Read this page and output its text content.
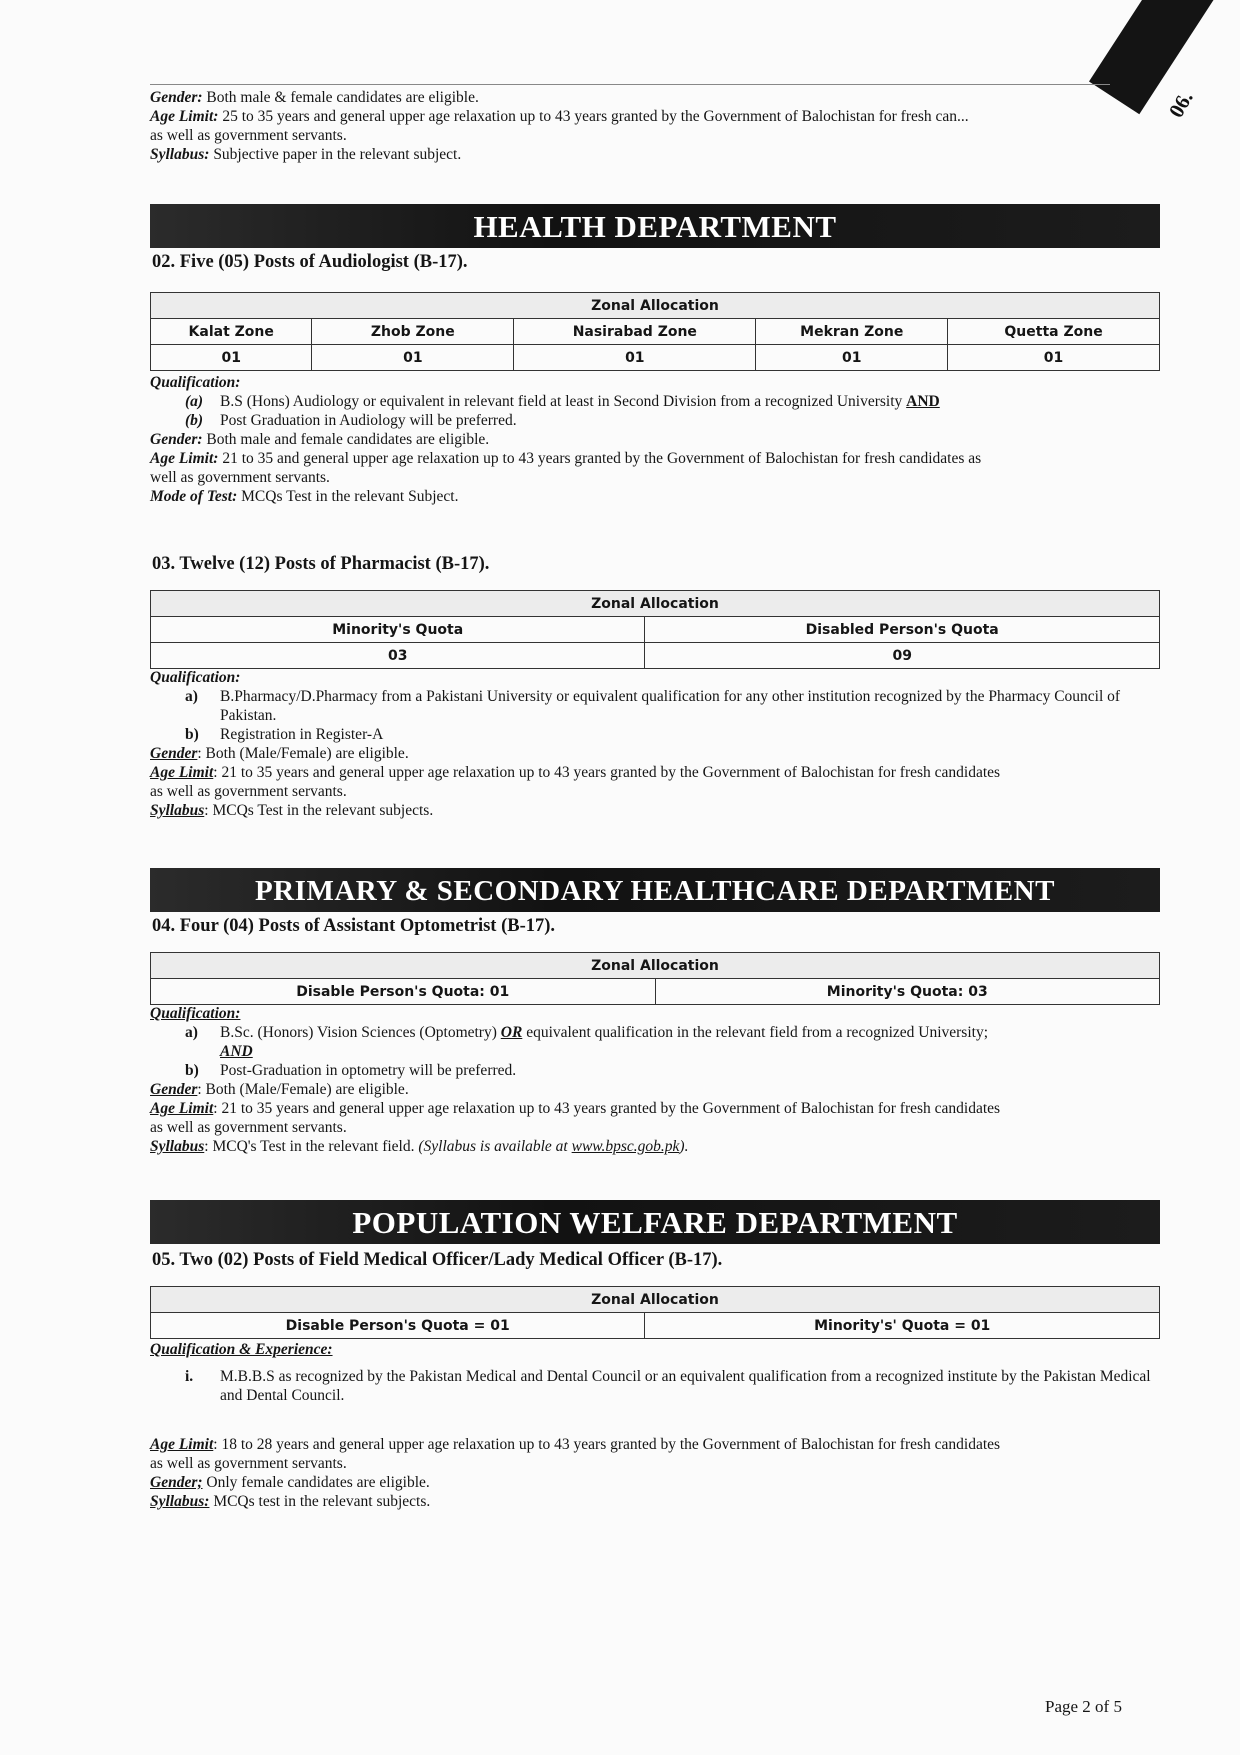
06.

Gender: Both male & female candidates are eligible.

Age Limit: 25 to 35 years and general upper age relaxation up to 43 years granted by the Government of Balochistan for fresh can...

as well as government servants.

Syllabus: Subjective paper in the relevant subject.

HEALTH DEPARTMENT
02. Five (05) Posts of Audiologist (B-17).
Zonal Allocation				
Kalat Zone	Zhob Zone	Nasirabad Zone	Mekran Zone	Quetta Zone
01	01	01	01	01

Qualification:

(a) B.S (Hons) Audiology or equivalent in relevant field at least in Second Division from a recognized University AND
(b) Post Graduation in Audiology will be preferred.

Gender: Both male and female candidates are eligible.

Age Limit: 21 to 35 and general upper age relaxation up to 43 years granted by the Government of Balochistan for fresh candidates as

well as government servants.

Mode of Test: MCQs Test in the relevant Subject.

03. Twelve (12) Posts of Pharmacist (B-17).
Zonal Allocation	
Minority's Quota	Disabled Person's Quota
03	09

Qualification:

a) B.Pharmacy/D.Pharmacy from a Pakistani University or equivalent qualification for any other institution recognized by the Pharmacy Council of Pakistan.
b) Registration in Register-A

Gender: Both (Male/Female) are eligible.

Age Limit: 21 to 35 years and general upper age relaxation up to 43 years granted by the Government of Balochistan for fresh candidates

as well as government servants.

Syllabus: MCQs Test in the relevant subjects.

PRIMARY & SECONDARY HEALTHCARE DEPARTMENT
04. Four (04) Posts of Assistant Optometrist (B-17).
Zonal Allocation
Disable Person's Quota: 01	Minority's Quota: 03

Qualification:

a) B.Sc. (Honors) Vision Sciences (Optometry) OR equivalent qualification in the relevant field from a recognized University;
AND
b) Post-Graduation in optometry will be preferred.

Gender: Both (Male/Female) are eligible.

Age Limit: 21 to 35 years and general upper age relaxation up to 43 years granted by the Government of Balochistan for fresh candidates

as well as government servants.

Syllabus: MCQ's Test in the relevant field. (Syllabus is available at www.bpsc.gob.pk).

POPULATION WELFARE DEPARTMENT
05. Two (02) Posts of Field Medical Officer/Lady Medical Officer (B-17).
Zonal Allocation
Disable Person's Quota = 01	Minority's' Quota = 01

Qualification & Experience:

i. M.B.B.S as recognized by the Pakistan Medical and Dental Council or an equivalent qualification from a recognized institute by the Pakistan Medical and Dental Council.

Age Limit: 18 to 28 years and general upper age relaxation up to 43 years granted by the Government of Balochistan for fresh candidates

as well as government servants.

Gender; Only female candidates are eligible.

Syllabus: MCQs test in the relevant subjects.

Page 2 of 5
